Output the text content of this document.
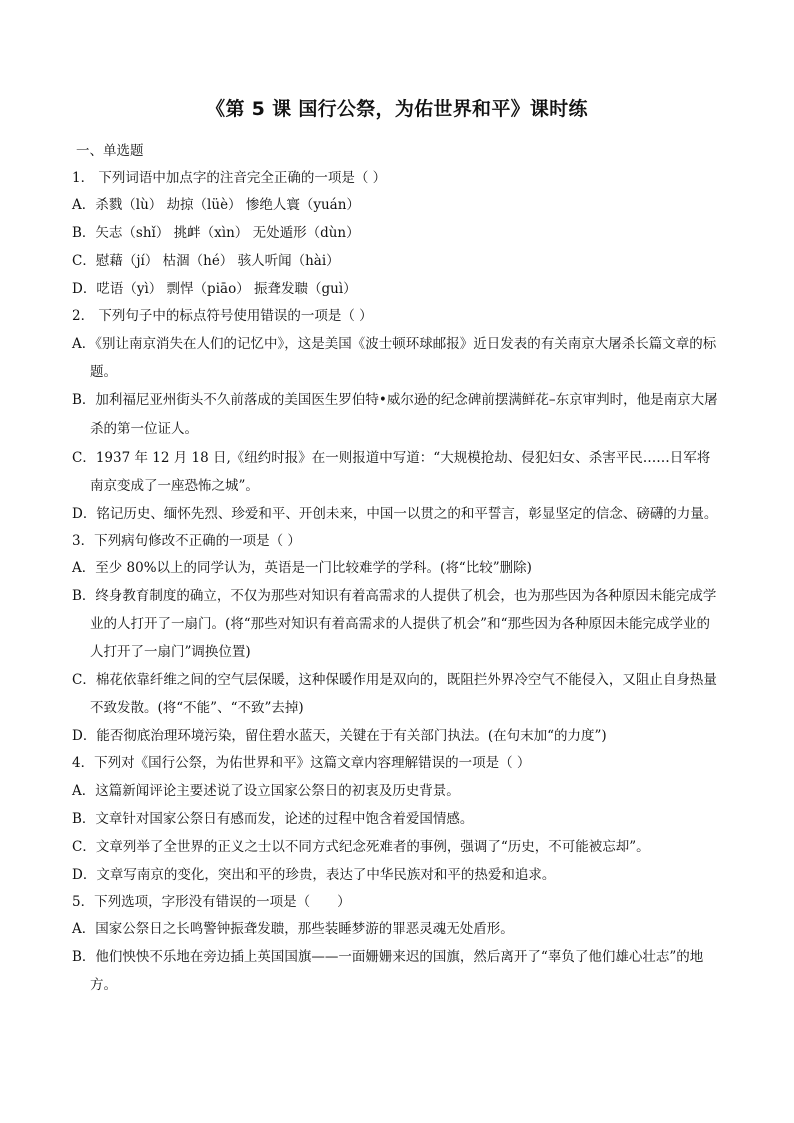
《第 5 课 国行公祭，为佑世界和平》课时练
一、单选题
1． 下列词语中加点字的注音完全正确的一项是（ ）
A．杀戮（lù） 劫掠（lüè） 惨绝人寰（yuán）
B．矢志（shǐ） 挑衅（xìn） 无处遁形（dùn）
C．慰藉（jí） 枯涸（hé） 骇人听闻（hài）
D．呓语（yì） 剽悍（piāo） 振聋发聩（guì）
2． 下列句子中的标点符号使用错误的一项是（ ）
A．《别让南京消失在人们的记忆中》，这是美国《波士顿环球邮报》近日发表的有关南京大屠杀长篇文章的标题。
B．加利福尼亚州街头不久前落成的美国医生罗伯特•威尔逊的纪念碑前摆满鲜花–东京审判时，他是南京大屠杀的第一位证人。
C．1937 年 12 月 18 日,《纽约时报》在一则报道中写道：“大规模抢劫、侵犯妇女、杀害平民……日军将南京变成了一座恐怖之城”。
D．铭记历史、缅怀先烈、珍爱和平、开创未来，中国一以贯之的和平誓言，彰显坚定的信念、磅礴的力量。
3．下列病句修改不正确的一项是（ ）
A．至少 80%以上的同学认为，英语是一门比较难学的学科。(将“比较”删除)
B．终身教育制度的确立，不仅为那些对知识有着高需求的人提供了机会，也为那些因为各种原因未能完成学业的人打开了一扇门。(将“那些对知识有着高需求的人提供了机会”和“那些因为各种原因未能完成学业的人打开了一扇门”调换位置)
C．棉花依靠纤维之间的空气层保暖，这种保暖作用是双向的，既阻拦外界冷空气不能侵入，又阻止自身热量不致发散。(将“不能”、“不致”去掉)
D．能否彻底治理环境污染，留住碧水蓝天，关键在于有关部门执法。(在句末加“的力度”)
4．下列对《国行公祭，为佑世界和平》这篇文章内容理解错误的一项是（ ）
A．这篇新闻评论主要述说了设立国家公祭日的初衷及历史背景。
B．文章针对国家公祭日有感而发，论述的过程中饱含着爱国情感。
C．文章列举了全世界的正义之士以不同方式纪念死难者的事例，强调了“历史，不可能被忘却”。
D．文章写南京的变化，突出和平的珍贵，表达了中华民族对和平的热爱和追求。
5．下列选项，字形没有错误的一项是（　　）
A．国家公祭日之长鸣警钟振聋发聩，那些装睡梦游的罪恶灵魂无处盾形。
B．他们怏怏不乐地在旁边插上英国国旗——一面姗姗来迟的国旗，然后离开了“辜负了他们雄心壮志”的地方。
